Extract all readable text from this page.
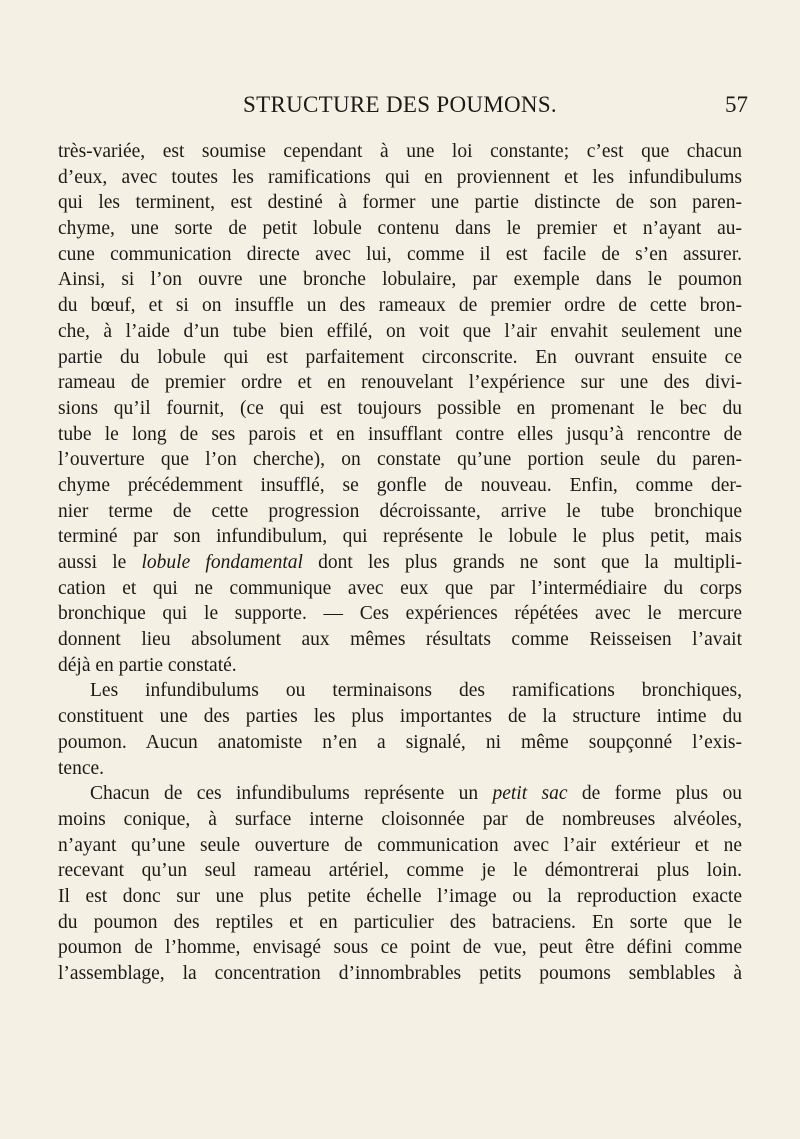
STRUCTURE DES POUMONS.	57
très-variée, est soumise cependant à une loi constante; c’est que chacun
d’eux, avec toutes les ramifications qui en proviennent et les infundibulums
qui les terminent, est destiné à former une partie distincte de son paren-
chyme, une sorte de petit lobule contenu dans le premier et n’ayant au-
cune communication directe avec lui, comme il est facile de s’en assurer.
Ainsi, si l’on ouvre une bronche lobulaire, par exemple dans le poumon
du bœuf, et si on insuffle un des rameaux de premier ordre de cette bron-
che, à l’aide d’un tube bien effilé, on voit que l’air envahit seulement une
partie du lobule qui est parfaitement circonscrite. En ouvrant ensuite ce
rameau de premier ordre et en renouvelant l’expérience sur une des divi-
sions qu’il fournit, (ce qui est toujours possible en promenant le bec du
tube le long de ses parois et en insufflant contre elles jusqu’à rencontre de
l’ouverture que l’on cherche), on constate qu’une portion seule du paren-
chyme précédemment insufflé, se gonfle de nouveau. Enfin, comme der-
nier terme de cette progression décroissante, arrive le tube bronchique
terminé par son infundibulum, qui représente le lobule le plus petit, mais
aussi le lobule fondamental dont les plus grands ne sont que la multipli-
cation et qui ne communique avec eux que par l’intermédiaire du corps
bronchique qui le supporte. — Ces expériences répétées avec le mercure
donnent lieu absolument aux mêmes résultats comme Reisseisen l’avait
déjà en partie constaté.
Les infundibulums ou terminaisons des ramifications bronchiques,
constituent une des parties les plus importantes de la structure intime du
poumon. Aucun anatomiste n’en a signalé, ni même soupçonné l’exis-
tence.
Chacun de ces infundibulums représente un petit sac de forme plus ou
moins conique, à surface interne cloisonnée par de nombreuses alvéoles,
n’ayant qu’une seule ouverture de communication avec l’air extérieur et ne
recevant qu’un seul rameau artériel, comme je le démontrerai plus loin.
Il est donc sur une plus petite échelle l’image ou la reproduction exacte
du poumon des reptiles et en particulier des batraciens. En sorte que le
poumon de l’homme, envisagé sous ce point de vue, peut être défini comme
l’assemblage, la concentration d’innombrables petits poumons semblables à
